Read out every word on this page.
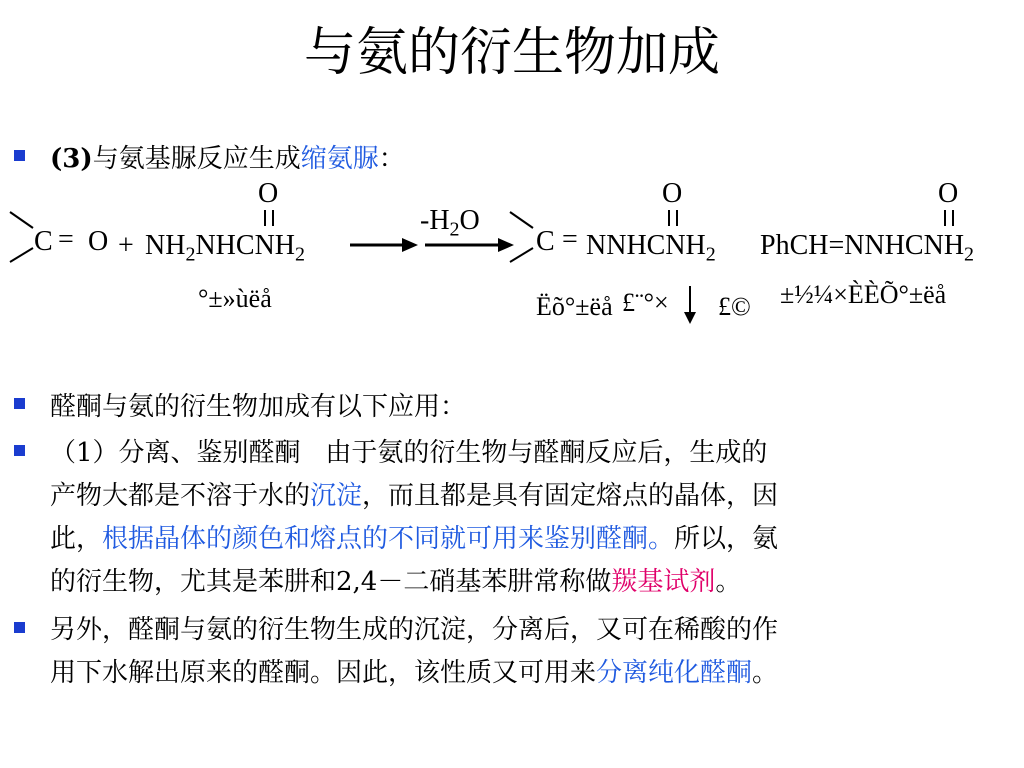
与氨的衍生物加成
(3)与氨基脲反应生成缩氨脲：
$C = O + NH_2NHCNH_2$
O
$-H_2O$
$C = NNHCNH_2$
O
$PhCH=NNHCNH_2$
O
°±»ùëå	Ëõ°±ëå £¨°× £© ±½¼×ÈÈÕ°±ëå
醛酮与氨的衍生物加成有以下应用：
（1）分离、鉴别醛酮   由于氨的衍生物与醛酮反应后，生成的
产物大都是不溶于水的沉淀，而且都是具有固定熔点的晶体，因
此，根据晶体的颜色和熔点的不同就可用来鉴别醛酮。所以，氨
的衍生物，尤其是苯肼和2,4－二硝基苯肼常称做羰基试剂。
另外，醛酮与氨的衍生物生成的沉淀，分离后，又可在稀酸的作
用下水解出原来的醛酮。因此，该性质又可用来分离纯化醛酮。
